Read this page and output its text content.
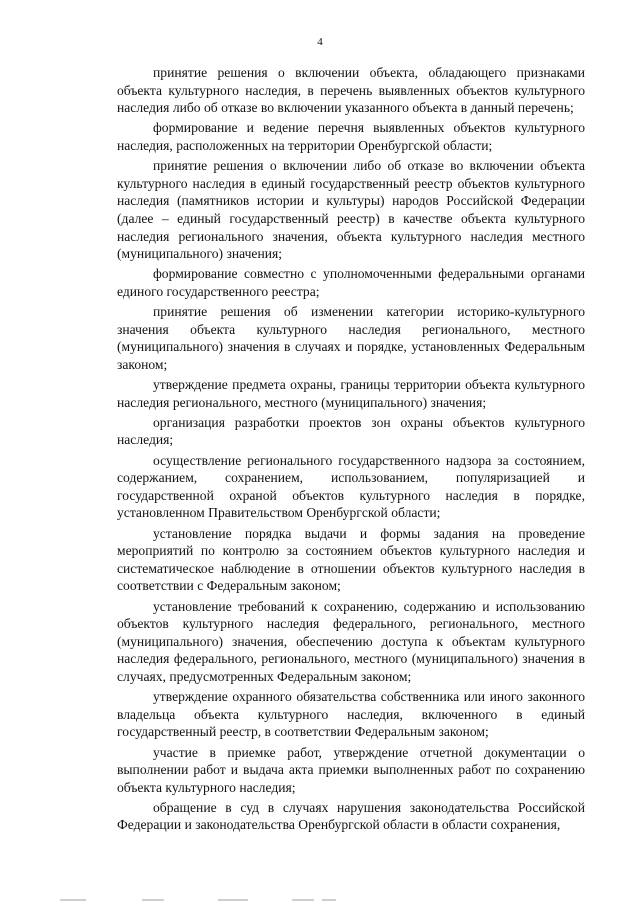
4

принятие решения о включении объекта, обладающего признаками объекта культурного наследия, в перечень выявленных объектов культурного наследия либо об отказе во включении указанного объекта в данный перечень;

формирование и ведение перечня выявленных объектов культурного наследия, расположенных на территории Оренбургской области;

принятие решения о включении либо об отказе во включении объекта культурного наследия в единый государственный реестр объектов культурного наследия (памятников истории и культуры) народов Российской Федерации (далее – единый государственный реестр) в качестве объекта культурного наследия регионального значения, объекта культурного наследия местного (муниципального) значения;

формирование совместно с уполномоченными федеральными органами единого государственного реестра;

принятие решения об изменении категории историко-культурного значения объекта культурного наследия регионального, местного (муниципального) значения в случаях и порядке, установленных Федеральным законом;

утверждение предмета охраны, границы территории объекта культурного наследия регионального, местного (муниципального) значения;

организация разработки проектов зон охраны объектов культурного наследия;

осуществление регионального государственного надзора за состоянием, содержанием, сохранением, использованием, популяризацией и государственной охраной объектов культурного наследия в порядке, установленном Правительством Оренбургской области;

установление порядка выдачи и формы задания на проведение мероприятий по контролю за состоянием объектов культурного наследия и систематическое наблюдение в отношении объектов культурного наследия в соответствии с Федеральным законом;

установление требований к сохранению, содержанию и использованию объектов культурного наследия федерального, регионального, местного (муниципального) значения, обеспечению доступа к объектам культурного наследия федерального, регионального, местного (муниципального) значения в случаях, предусмотренных Федеральным законом;

утверждение охранного обязательства собственника или иного законного владельца объекта культурного наследия, включенного в единый государственный реестр, в соответствии Федеральным законом;

участие в приемке работ, утверждение отчетной документации о выполнении работ и выдача акта приемки выполненных работ по сохранению объекта культурного наследия;

обращение в суд в случаях нарушения законодательства Российской Федерации и законодательства Оренбургской области в области сохранения,
